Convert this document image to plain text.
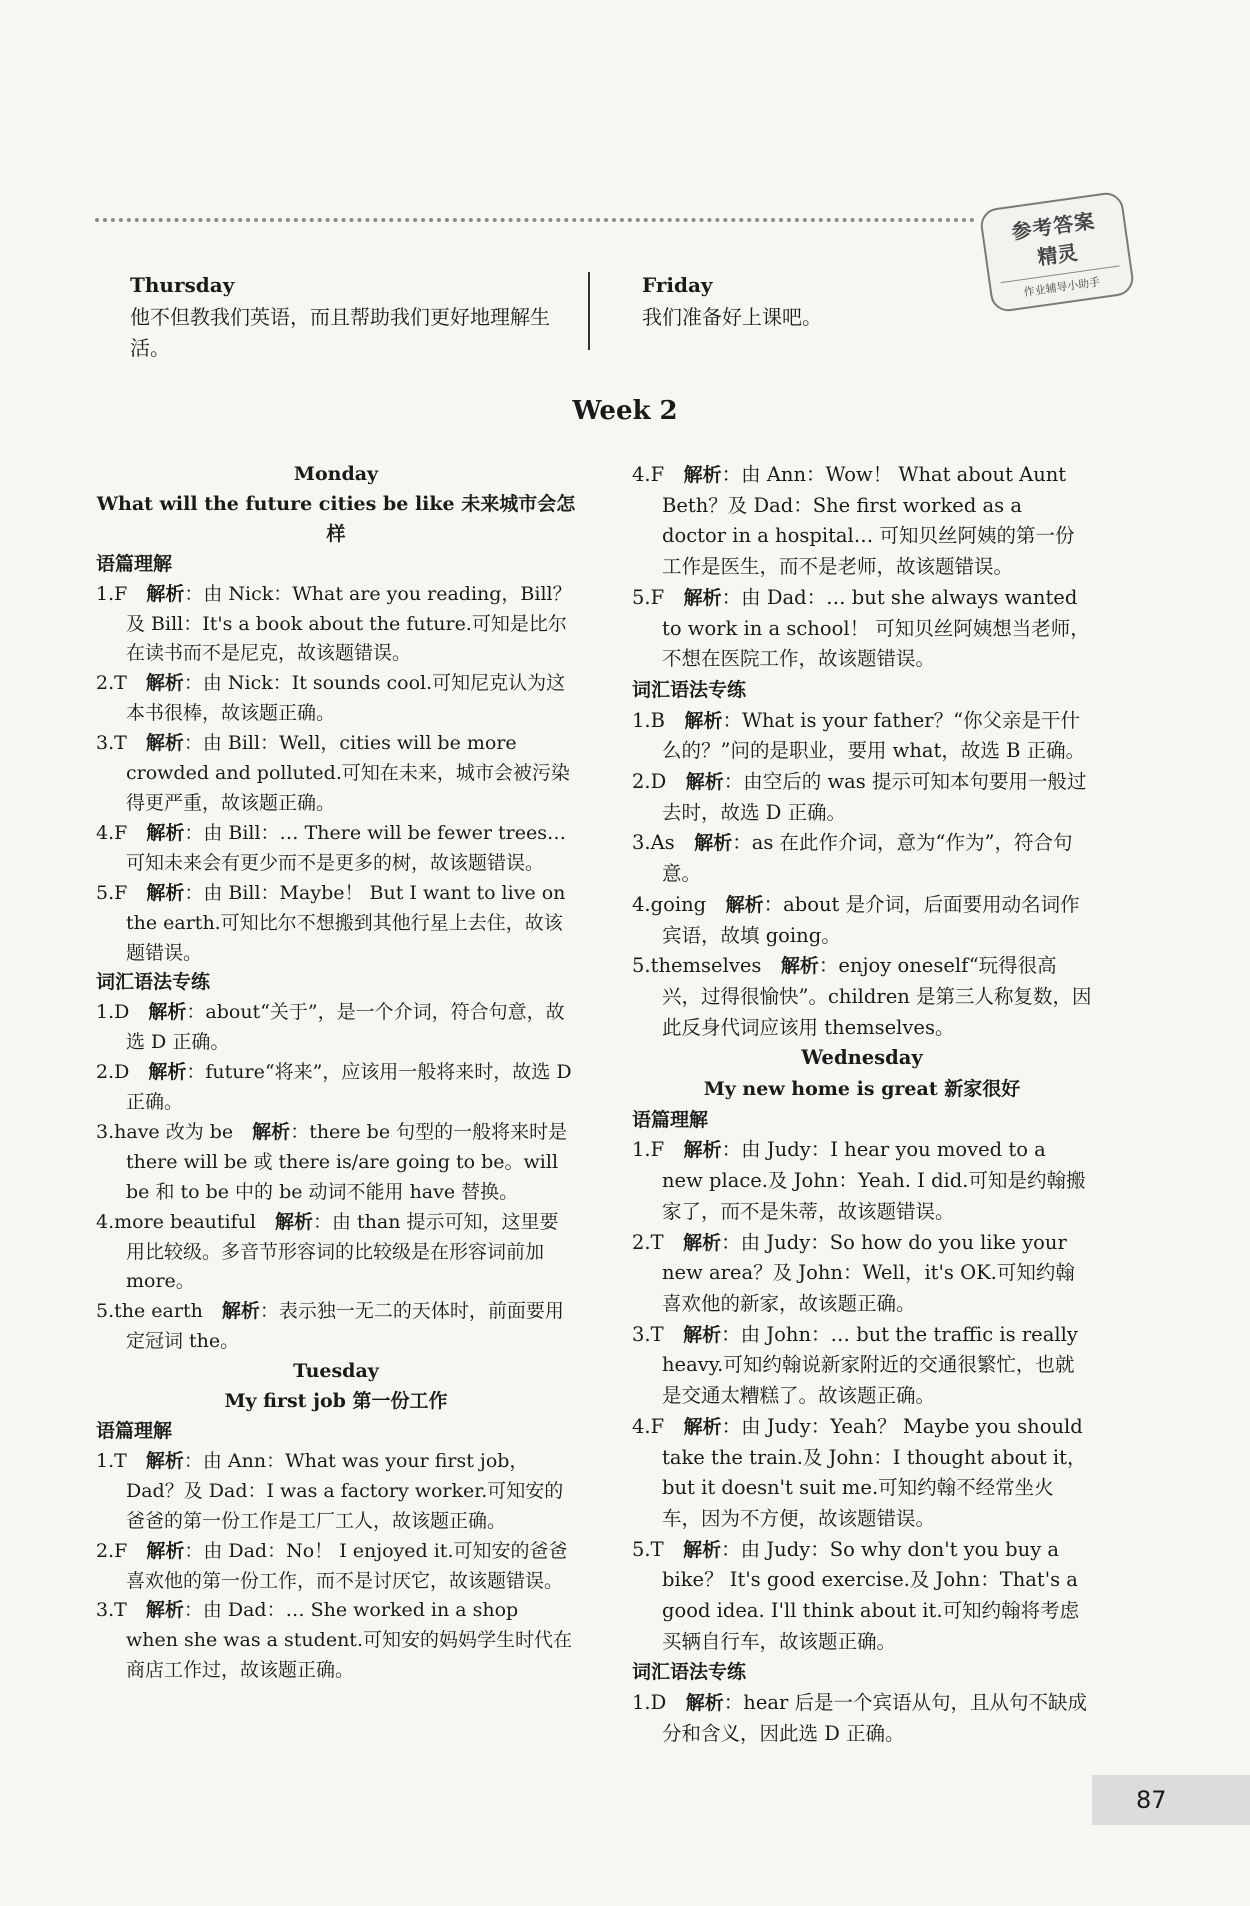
参考答案
精灵
作业辅导小助手
Thursday
他不但教我们英语，而且帮助我们更好地理解生活。
Friday
我们准备好上课吧。
Week 2
Monday
What will the future cities be like 未来城市会怎样
语篇理解
1.F  解析：由 Nick：What are you reading，Bill？及 Bill：It's a book about the future.可知是比尔在读书而不是尼克，故该题错误。
2.T  解析：由 Nick：It sounds cool.可知尼克认为这本书很棒，故该题正确。
3.T  解析：由 Bill：Well，cities will be more crowded and polluted.可知在未来，城市会被污染得更严重，故该题正确。
4.F  解析：由 Bill：… There will be fewer trees… 可知未来会有更少而不是更多的树，故该题错误。
5.F  解析：由 Bill：Maybe！ But I want to live on the earth.可知比尔不想搬到其他行星上去住，故该题错误。
词汇语法专练
1.D  解析：about“关于”，是一个介词，符合句意，故选 D 正确。
2.D  解析：future“将来”，应该用一般将来时，故选 D 正确。
3.have 改为 be  解析：there be 句型的一般将来时是 there will be 或 there is/are going to be。will be 和 to be 中的 be 动词不能用 have 替换。
4.more beautiful  解析：由 than 提示可知，这里要用比较级。多音节形容词的比较级是在形容词前加 more。
5.the earth  解析：表示独一无二的天体时，前面要用定冠词 the。
Tuesday
My first job 第一份工作
语篇理解
1.T  解析：由 Ann：What was your first job，Dad？及 Dad：I was a factory worker.可知安的爸爸的第一份工作是工厂工人，故该题正确。
2.F  解析：由 Dad：No！ I enjoyed it.可知安的爸爸喜欢他的第一份工作，而不是讨厌它，故该题错误。
3.T  解析：由 Dad：… She worked in a shop when she was a student.可知安的妈妈学生时代在商店工作过，故该题正确。
4.F  解析：由 Ann：Wow！ What about Aunt Beth？及 Dad：She first worked as a doctor in a hospital… 可知贝丝阿姨的第一份工作是医生，而不是老师，故该题错误。
5.F  解析：由 Dad：… but she always wanted to work in a school！ 可知贝丝阿姨想当老师，不想在医院工作，故该题错误。
词汇语法专练
1.B  解析：What is your father？“你父亲是干什么的？”问的是职业，要用 what，故选 B 正确。
2.D  解析：由空后的 was 提示可知本句要用一般过去时，故选 D 正确。
3.As  解析：as 在此作介词，意为“作为”，符合句意。
4.going  解析：about 是介词，后面要用动名词作宾语，故填 going。
5.themselves  解析：enjoy oneself“玩得很高兴，过得很愉快”。children 是第三人称复数，因此反身代词应该用 themselves。
Wednesday
My new home is great 新家很好
语篇理解
1.F  解析：由 Judy：I hear you moved to a new place.及 John：Yeah. I did.可知是约翰搬家了，而不是朱蒂，故该题错误。
2.T  解析：由 Judy：So how do you like your new area？及 John：Well，it's OK.可知约翰喜欢他的新家，故该题正确。
3.T  解析：由 John：… but the traffic is really heavy.可知约翰说新家附近的交通很繁忙，也就是交通太糟糕了。故该题正确。
4.F  解析：由 Judy：Yeah？ Maybe you should take the train.及 John：I thought about it，but it doesn't suit me.可知约翰不经常坐火车，因为不方便，故该题错误。
5.T  解析：由 Judy：So why don't you buy a bike？ It's good exercise.及 John：That's a good idea. I'll think about it.可知约翰将考虑买辆自行车，故该题正确。
词汇语法专练
1.D  解析：hear 后是一个宾语从句，且从句不缺成分和含义，因此选 D 正确。
87
